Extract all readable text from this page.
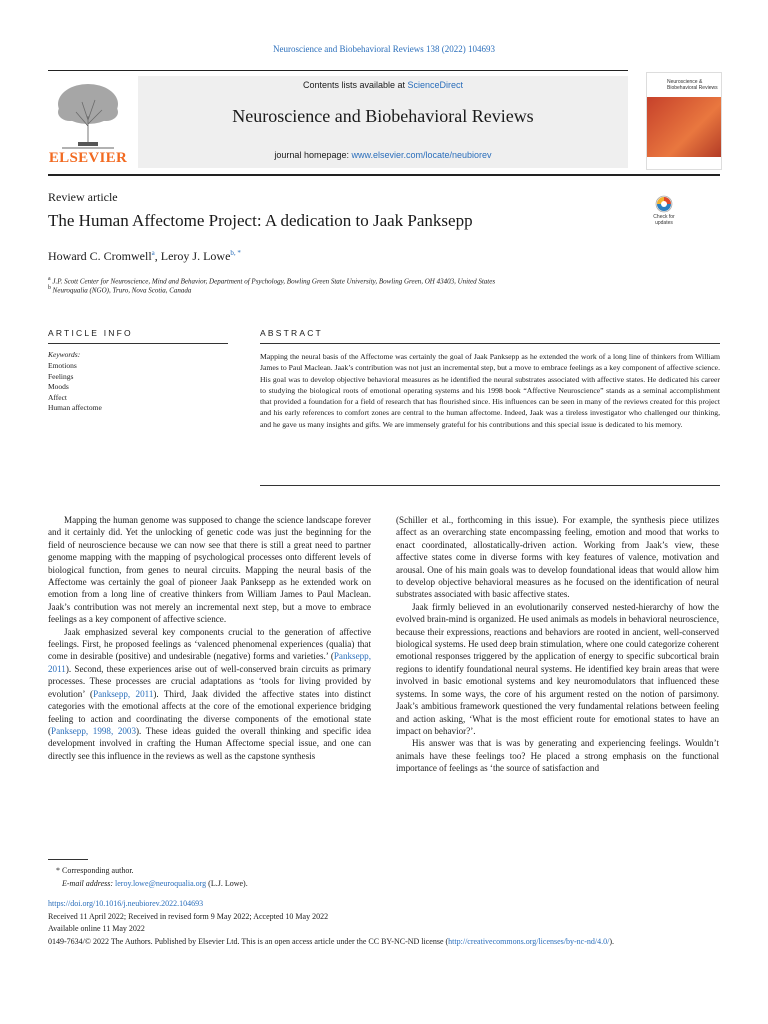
Neuroscience and Biobehavioral Reviews 138 (2022) 104693
ELSEVIER
Contents lists available at ScienceDirect
Neuroscience and Biobehavioral Reviews
journal homepage: www.elsevier.com/locate/neubiorev
Neuroscience & Biobehavioral Reviews
Review article
The Human Affectome Project: A dedication to Jaak Panksepp	Check for updates
Howard C. Cromwell$^a$, Leroy J. Lowe$^{b, *}$
$^a$ J.P. Scott Center for Neuroscience, Mind and Behavior, Department of Psychology, Bowling Green State University, Bowling Green, OH 43403, United States
$^b$ Neuroqualia (NGO), Truro, Nova Scotia, Canada
ARTICLE INFO	ABSTRACT
Keywords:
Emotions
Feelings
Moods
Affect
Human affectome
Mapping the neural basis of the Affectome was certainly the goal of Jaak Panksepp as he extended the work of a long line of thinkers from William James to Paul Maclean. Jaak’s contribution was not just an incremental step, but a move to embrace feelings as a key component of affective science. His goal was to develop objective behavioral measures as he identified the neural substrates associated with affective states. He dedicated his career to studying the biological roots of emotional operating systems and his 1998 book “Affective Neuroscience” stands as a seminal accomplishment that provided a foundation for a field of research that has flourished since. His influences can be seen in many of the reviews created for this project and his early references to comfort zones are central to the human affectome. Indeed, Jaak was a tireless investigator who challenged our thinking, and he gave us many insights and gifts. We are immensely grateful for his contributions and this special issue is dedicated to his memory.

Mapping the human genome was supposed to change the science landscape forever and it certainly did. Yet the unlocking of genetic code was just the beginning for the field of neuroscience because we can now see that there is still a great need to partner genome mapping with the mapping of psychological processes onto different levels of biological function, from genes to neural circuits. Mapping the neural basis of the Affectome was certainly the goal of pioneer Jaak Panksepp as he extended work on emotion from a long line of creative thinkers from William James to Paul Maclean. Jaak’s contribution was not merely an incremental next step, but a move to embrace feelings as a key component of affective science.

Jaak emphasized several key components crucial to the generation of affective feelings. First, he proposed feelings as ‘valenced phenomenal experiences (qualia) that come in desirable (positive) and undesirable (negative) forms and varieties.’ (Panksepp, 2011). Second, these experiences arise out of well-conserved brain circuits as primary processes. These processes are crucial adaptations as ‘tools for living provided by evolution’ (Panksepp, 2011). Third, Jaak divided the affective states into distinct categories with the emotional affects at the core of the emotional experience bridging feeling to action and coordinating the diverse components of the emotional state (Panksepp, 1998, 2003). These ideas guided the overall thinking and specific idea development involved in crafting the Human Affectome special issue, and one can directly see this influence in the reviews as well as the capstone synthesis

(Schiller et al., forthcoming in this issue). For example, the synthesis piece utilizes affect as an overarching state encompassing feeling, emotion and mood that works to enact coordinated, allostatically-driven action. Working from Jaak’s view, these affective states come in diverse forms with key features of valence, motivation and arousal. One of his main goals was to develop foundational ideas that would allow him to develop objective behavioral measures as he focused on the identification of neural substrates associated with basic affective states.

Jaak firmly believed in an evolutionarily conserved nested-hierarchy of how the evolved brain-mind is organized. He used animals as models in behavioral neuroscience, because their expressions, reactions and behaviors are rooted in ancient, well-conserved biological systems. He used deep brain stimulation, where one could categorize coherent emotional responses triggered by the application of energy to specific subcortical brain regions to identify foundational neural systems. He identified key brain areas that were involved in basic emotional systems and key neuromodulators that influenced these systems. In some ways, the core of his argument rested on the notion of parsimony. Jaak’s ambitious framework questioned the very fundamental relations between feeling and action asking, ‘What is the most efficient route for emotional states to have an impact on behavior?’.

His answer was that is was by generating and experiencing feelings. Wouldn’t animals have these feelings too? He placed a strong emphasis on the functional importance of feelings as ‘the source of satisfaction and

* Corresponding author.
E-mail address: leroy.lowe@neuroqualia.org (L.J. Lowe).
https://doi.org/10.1016/j.neubiorev.2022.104693
Received 11 April 2022; Received in revised form 9 May 2022; Accepted 10 May 2022
Available online 11 May 2022
0149-7634/© 2022 The Authors. Published by Elsevier Ltd. This is an open access article under the CC BY-NC-ND license (http://creativecommons.org/licenses/by-nc-nd/4.0/).
